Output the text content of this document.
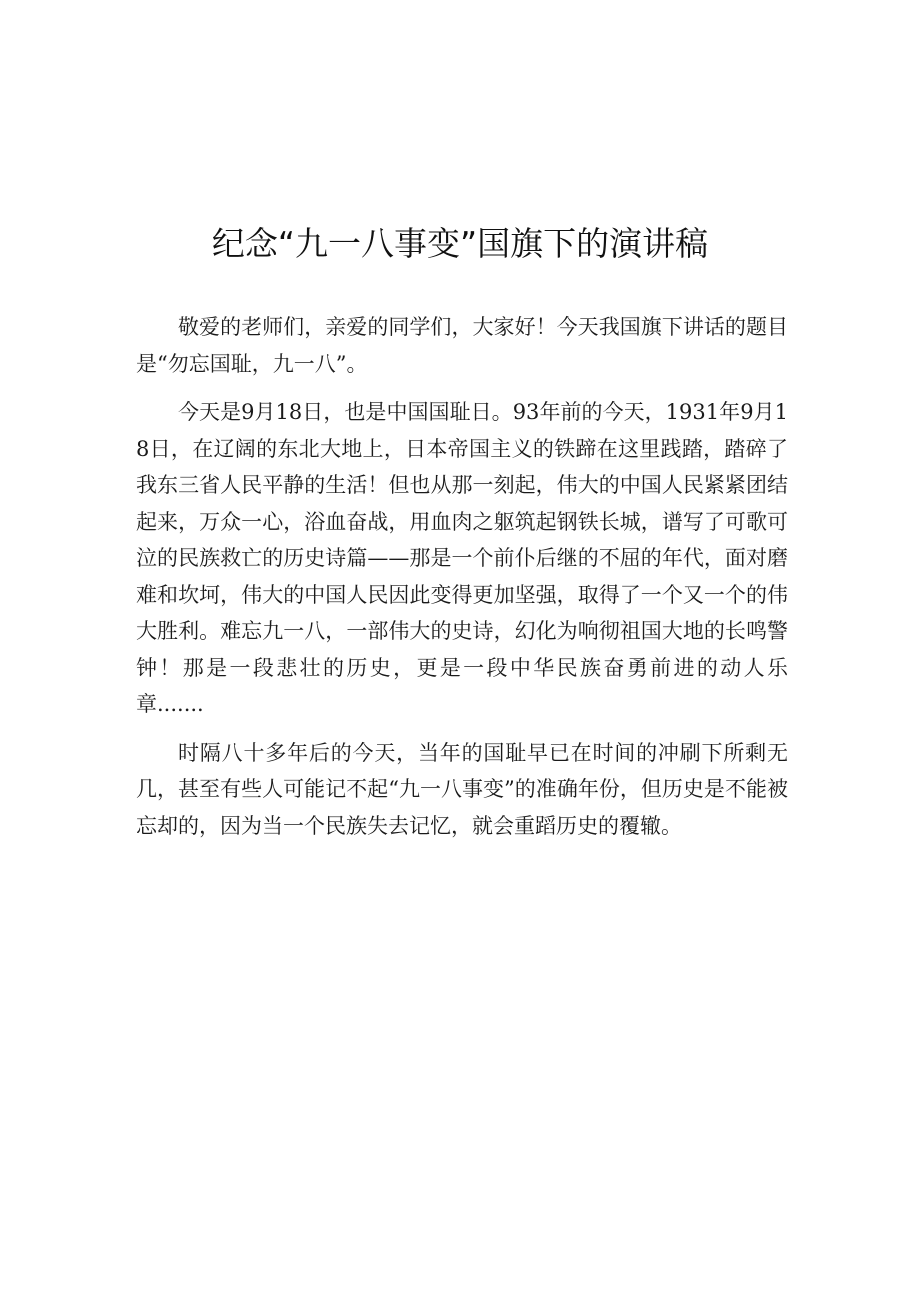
纪念“九一八事变”国旗下的演讲稿

敬爱的老师们，亲爱的同学们，大家好！今天我国旗下讲话的题目是“勿忘国耻，九一八”。

今天是9月18日，也是中国国耻日。93年前的今天，1931年9月18日，在辽阔的东北大地上，日本帝国主义的铁蹄在这里践踏，踏碎了我东三省人民平静的生活！但也从那一刻起，伟大的中国人民紧紧团结起来，万众一心，浴血奋战，用血肉之躯筑起钢铁长城，谱写了可歌可泣的民族救亡的历史诗篇——那是一个前仆后继的不屈的年代，面对磨难和坎坷，伟大的中国人民因此变得更加坚强，取得了一个又一个的伟大胜利。难忘九一八，一部伟大的史诗，幻化为响彻祖国大地的长鸣警钟！那是一段悲壮的历史，更是一段中华民族奋勇前进的动人乐章.......

时隔八十多年后的今天，当年的国耻早已在时间的冲刷下所剩无几，甚至有些人可能记不起“九一八事变”的准确年份，但历史是不能被忘却的，因为当一个民族失去记忆，就会重蹈历史的覆辙。
